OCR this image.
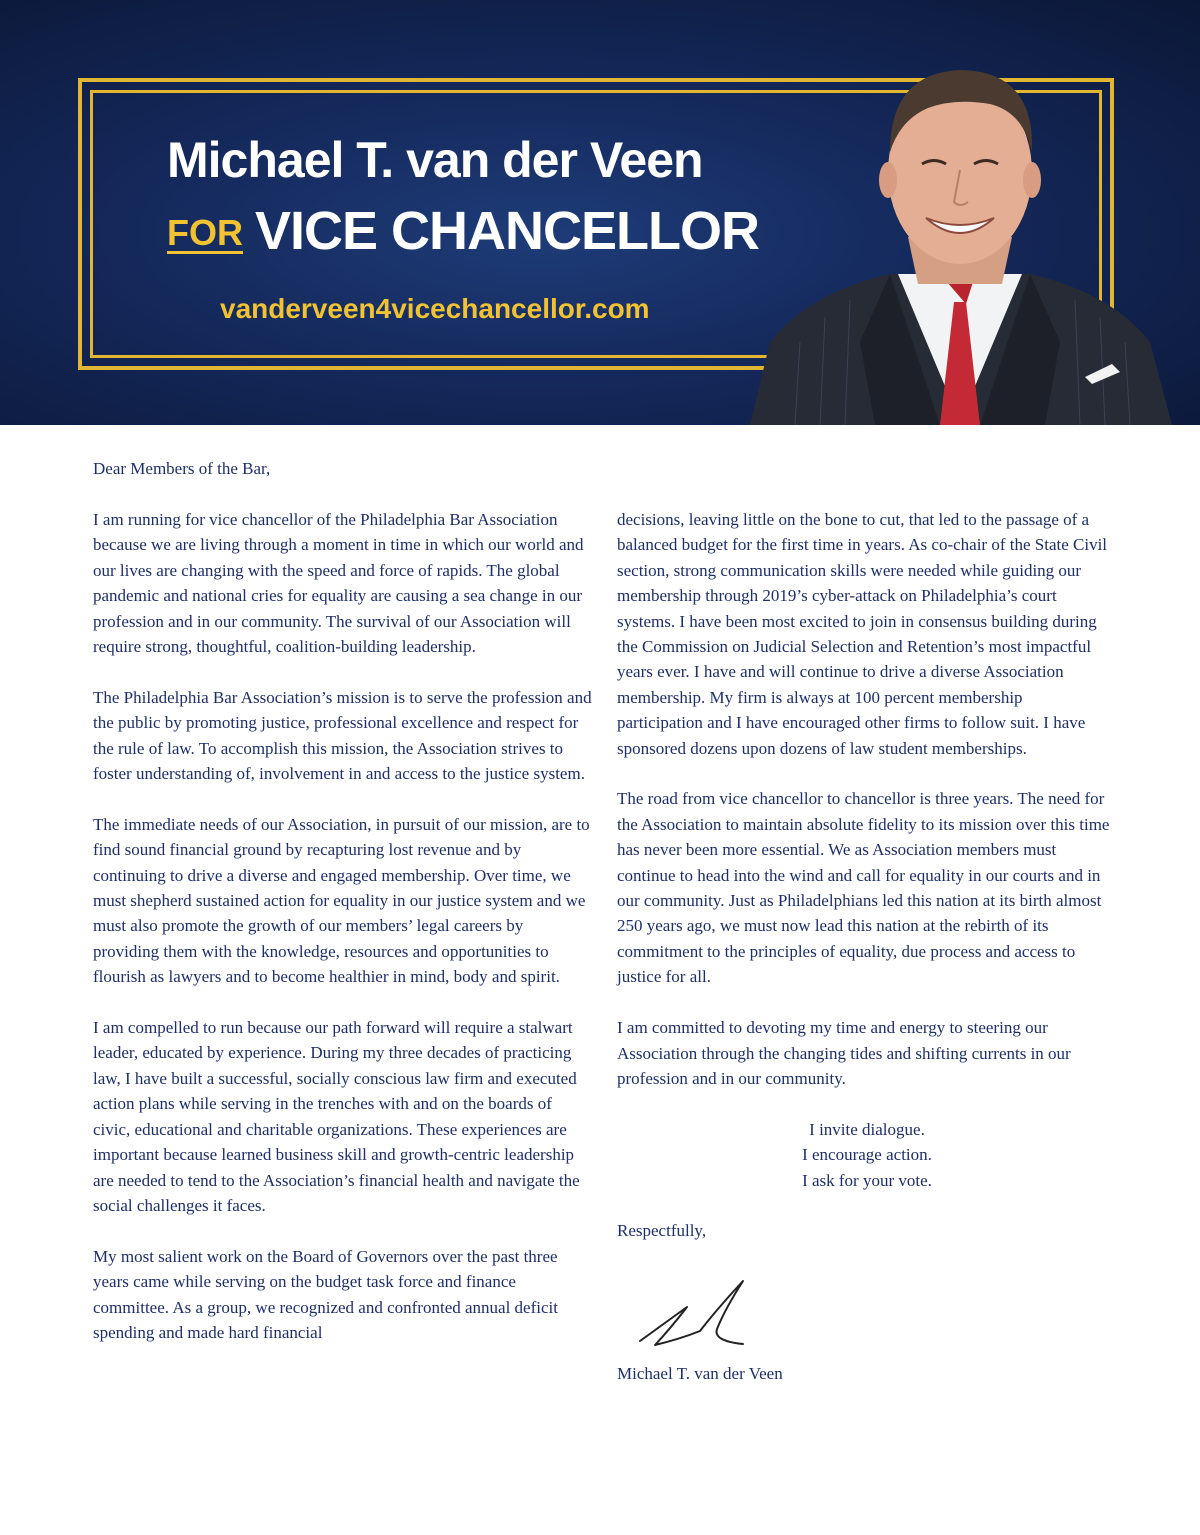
Michael T. van der Veen
FOR VICE CHANCELLOR
vanderveen4vicechancellor.com
Dear Members of the Bar,

I am running for vice chancellor of the Philadelphia Bar Association because we are living through a moment in time in which our world and our lives are changing with the speed and force of rapids. The global pandemic and national cries for equality are causing a sea change in our profession and in our community. The survival of our Association will require strong, thoughtful, coalition-building leadership.

The Philadelphia Bar Association’s mission is to serve the profession and the public by promoting justice, professional excellence and respect for the rule of law. To accomplish this mission, the Association strives to foster understanding of, involvement in and access to the justice system.

The immediate needs of our Association, in pursuit of our mission, are to find sound financial ground by recapturing lost revenue and by continuing to drive a diverse and engaged membership. Over time, we must shepherd sustained action for equality in our justice system and we must also promote the growth of our members’ legal careers by providing them with the knowledge, resources and opportunities to flourish as lawyers and to become healthier in mind, body and spirit.

I am compelled to run because our path forward will require a stalwart leader, educated by experience. During my three decades of practicing law, I have built a successful, socially conscious law firm and executed action plans while serving in the trenches with and on the boards of civic, educational and charitable organizations. These experiences are important because learned business skill and growth-centric leadership are needed to tend to the Association’s financial health and navigate the social challenges it faces.

My most salient work on the Board of Governors over the past three years came while serving on the budget task force and finance committee. As a group, we recognized and confronted annual deficit spending and made hard financial

decisions, leaving little on the bone to cut, that led to the passage of a balanced budget for the first time in years. As co-chair of the State Civil section, strong communication skills were needed while guiding our membership through 2019’s cyber-attack on Philadelphia’s court systems. I have been most excited to join in consensus building during the Commission on Judicial Selection and Retention’s most impactful years ever. I have and will continue to drive a diverse Association membership. My firm is always at 100 percent membership participation and I have encouraged other firms to follow suit. I have sponsored dozens upon dozens of law student memberships.

The road from vice chancellor to chancellor is three years. The need for the Association to maintain absolute fidelity to its mission over this time has never been more essential. We as Association members must continue to head into the wind and call for equality in our courts and in our community. Just as Philadelphians led this nation at its birth almost 250 years ago, we must now lead this nation at the rebirth of its commitment to the principles of equality, due process and access to justice for all.

I am committed to devoting my time and energy to steering our Association through the changing tides and shifting currents in our profession and in our community.

I invite dialogue.
I encourage action.
I ask for your vote.

Respectfully,

Michael T. van der Veen
